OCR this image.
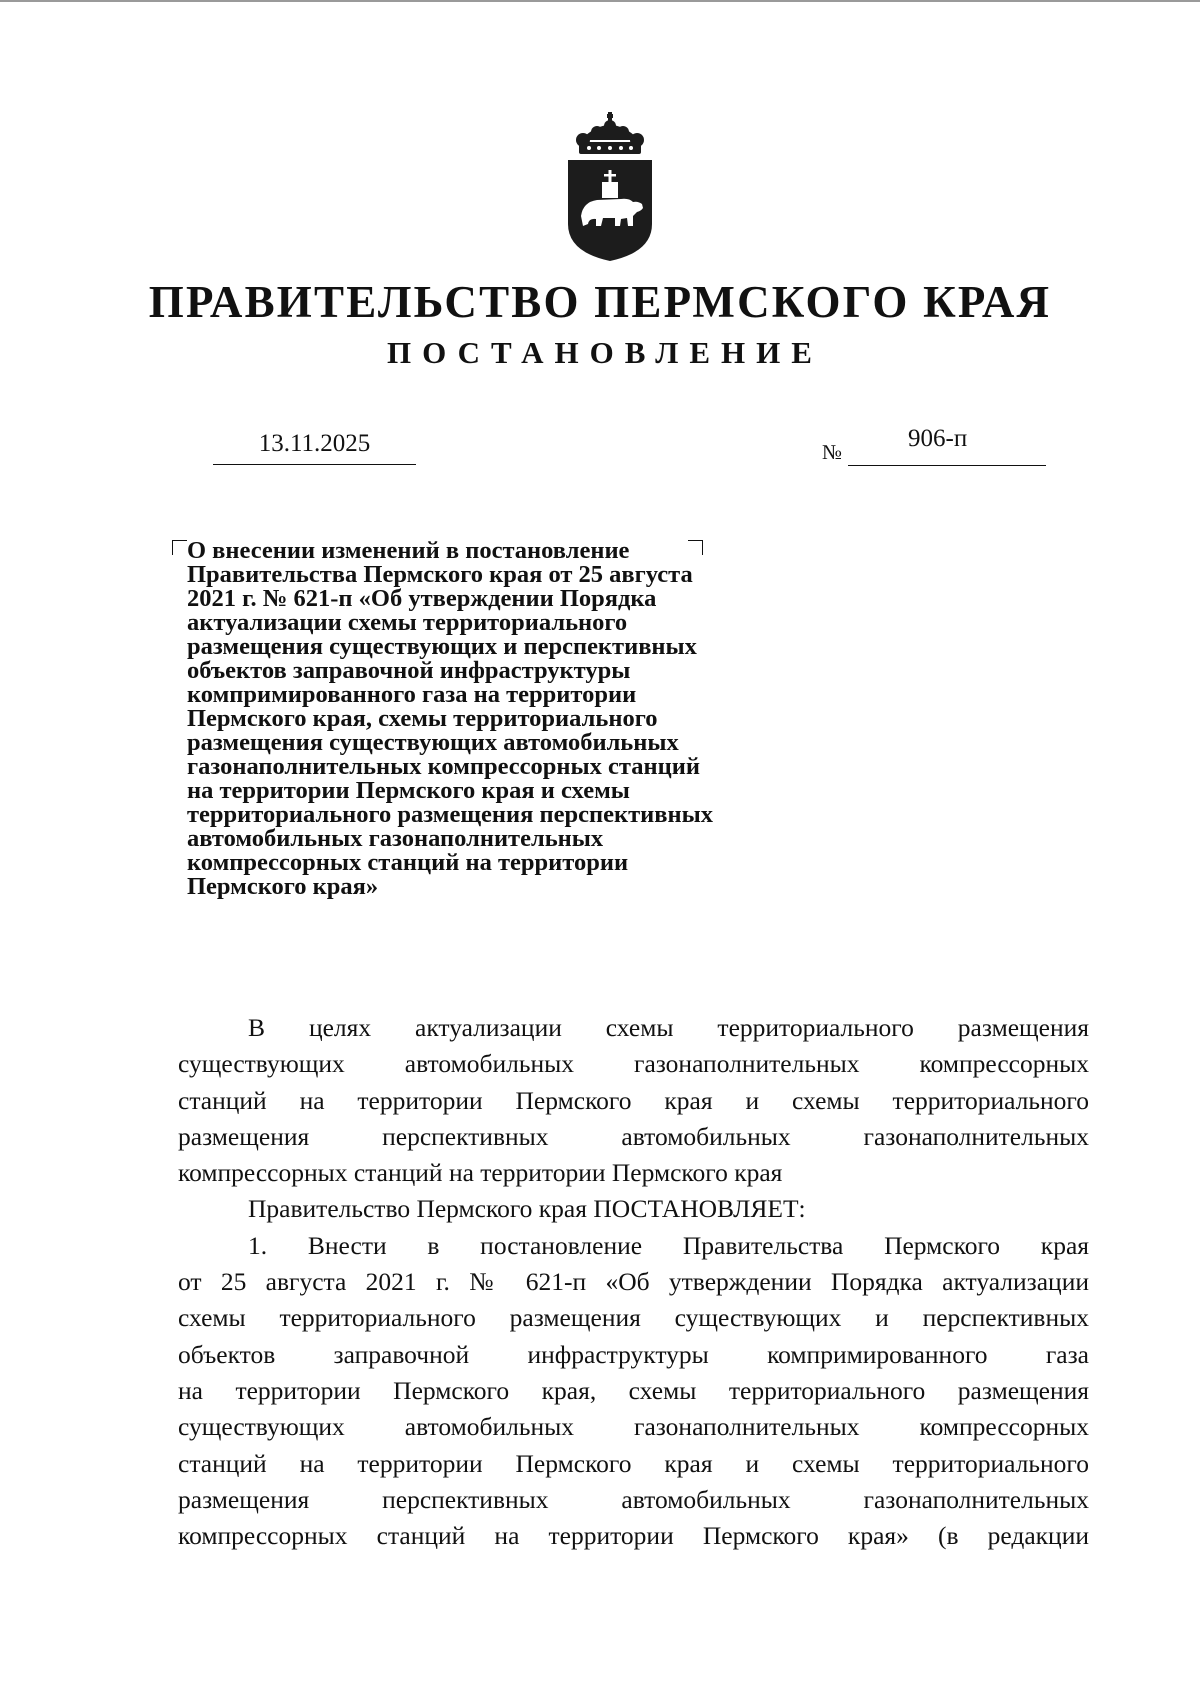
ПРАВИТЕЛЬСТВО ПЕРМСКОГО КРАЯ
ПОСТАНОВЛЕНИЕ
13.11.2025	№	906-п
О внесении изменений в постановление
Правительства Пермского края от 25 августа
2021 г. № 621-п «Об утверждении Порядка
актуализации схемы территориального
размещения существующих и перспективных
объектов заправочной инфраструктуры
компримированного газа на территории
Пермского края, схемы территориального
размещения существующих автомобильных
газонаполнительных компрессорных станций
на территории Пермского края и схемы
территориального размещения перспективных
автомобильных газонаполнительных
компрессорных станций на территории
Пермского края»

В целях актуализации схемы территориального размещения

существующих автомобильных газонаполнительных компрессорных

станций на территории Пермского края и схемы территориального

размещения перспективных автомобильных газонаполнительных

компрессорных станций на территории Пермского края

Правительство Пермского края ПОСТАНОВЛЯЕТ:

1. Внести в постановление Правительства Пермского края

от 25 августа 2021 г. № 621-п «Об утверждении Порядка актуализации

схемы территориального размещения существующих и перспективных

объектов заправочной инфраструктуры компримированного газа

на территории Пермского края, схемы территориального размещения

существующих автомобильных газонаполнительных компрессорных

станций на территории Пермского края и схемы территориального

размещения перспективных автомобильных газонаполнительных

компрессорных станций на территории Пермского края» (в редакции
